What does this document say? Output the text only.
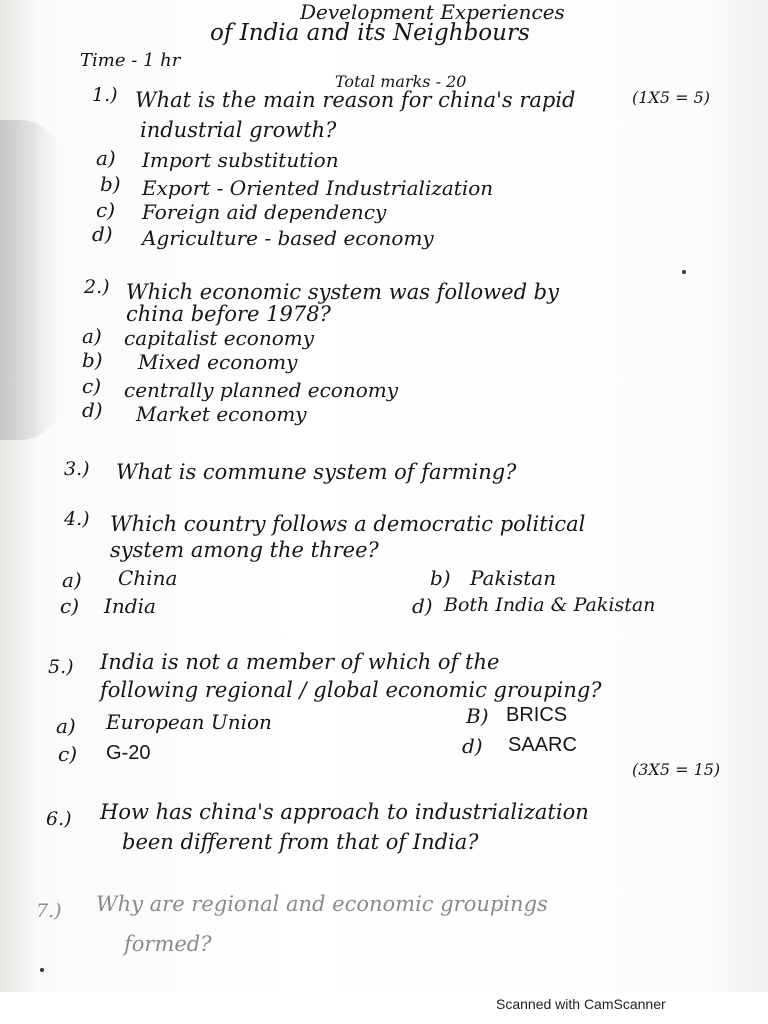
Development Experiences
of India and its Neighbours
Time - 1 hr
Total marks - 20
(1X5 = 5)
1.) What is the main reason for china's rapid
industrial growth?
a) Import substitution
b) Export - Oriented Industrialization
c) Foreign aid dependency
d) Agriculture - based economy
2.) Which economic system was followed by
china before 1978?
a) capitalist economy
b) Mixed economy
c) centrally planned economy
d) Market economy
3.) What is commune system of farming?
4.) Which country follows a democratic political
system among the three?
a) China	b) Pakistan
c) India	d) Both India & Pakistan
5.) India is not a member of which of the
following regional / global economic grouping?
a) European Union	B) BRICS
c) G-20	d) SAARC
(3X5 = 15)
6.) How has china's approach to industrialization
been different from that of India?
7.) Why are regional and economic groupings
formed?
Scanned with CamScanner
